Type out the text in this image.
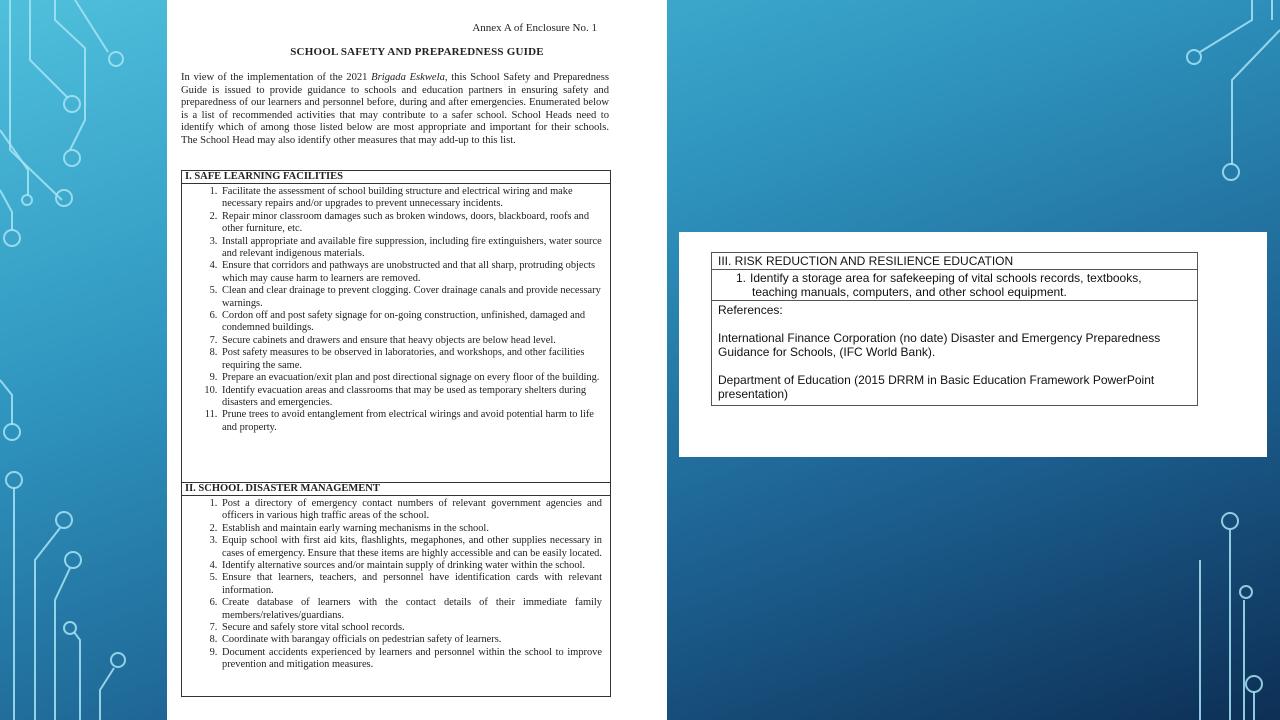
Annex A of Enclosure No. 1
SCHOOL SAFETY AND PREPAREDNESS GUIDE
In view of the implementation of the 2021 Brigada Eskwela, this School Safety and Preparedness Guide is issued to provide guidance to schools and education partners in ensuring safety and preparedness of our learners and personnel before, during and after emergencies. Enumerated below is a list of recommended activities that may contribute to a safer school. School Heads need to identify which of among those listed below are most appropriate and important for their schools. The School Head may also identify other measures that may add-up to this list.
I. SAFE LEARNING FACILITIES
1. Facilitate the assessment of school building structure and electrical wiring and make necessary repairs and/or upgrades to prevent unnecessary incidents.
2. Repair minor classroom damages such as broken windows, doors, blackboard, roofs and other furniture, etc.
3. Install appropriate and available fire suppression, including fire extinguishers, water source and relevant indigenous materials.
4. Ensure that corridors and pathways are unobstructed and that all sharp, protruding objects which may cause harm to learners are removed.
5. Clean and clear drainage to prevent clogging. Cover drainage canals and provide necessary warnings.
6. Cordon off and post safety signage for on-going construction, unfinished, damaged and condemned buildings.
7. Secure cabinets and drawers and ensure that heavy objects are below head level.
8. Post safety measures to be observed in laboratories, and workshops, and other facilities requiring the same.
9. Prepare an evacuation/exit plan and post directional signage on every floor of the building.
10. Identify evacuation areas and classrooms that may be used as temporary shelters during disasters and emergencies.
11. Prune trees to avoid entanglement from electrical wirings and avoid potential harm to life and property.
II. SCHOOL DISASTER MANAGEMENT
1. Post a directory of emergency contact numbers of relevant government agencies and officers in various high traffic areas of the school.
2. Establish and maintain early warning mechanisms in the school.
3. Equip school with first aid kits, flashlights, megaphones, and other supplies necessary in cases of emergency. Ensure that these items are highly accessible and can be easily located.
4. Identify alternative sources and/or maintain supply of drinking water within the school.
5. Ensure that learners, teachers, and personnel have identification cards with relevant information.
6. Create database of learners with the contact details of their immediate family members/relatives/guardians.
7. Secure and safely store vital school records.
8. Coordinate with barangay officials on pedestrian safety of learners.
9. Document accidents experienced by learners and personnel within the school to improve prevention and mitigation measures.
III. RISK REDUCTION AND RESILIENCE EDUCATION
1. Identify a storage area for safekeeping of vital schools records, textbooks,
teaching manuals, computers, and other school equipment.

References:

International Finance Corporation (no date) Disaster and Emergency Preparedness Guidance for Schools, (IFC World Bank).

Department of Education (2015 DRRM in Basic Education Framework PowerPoint presentation)
